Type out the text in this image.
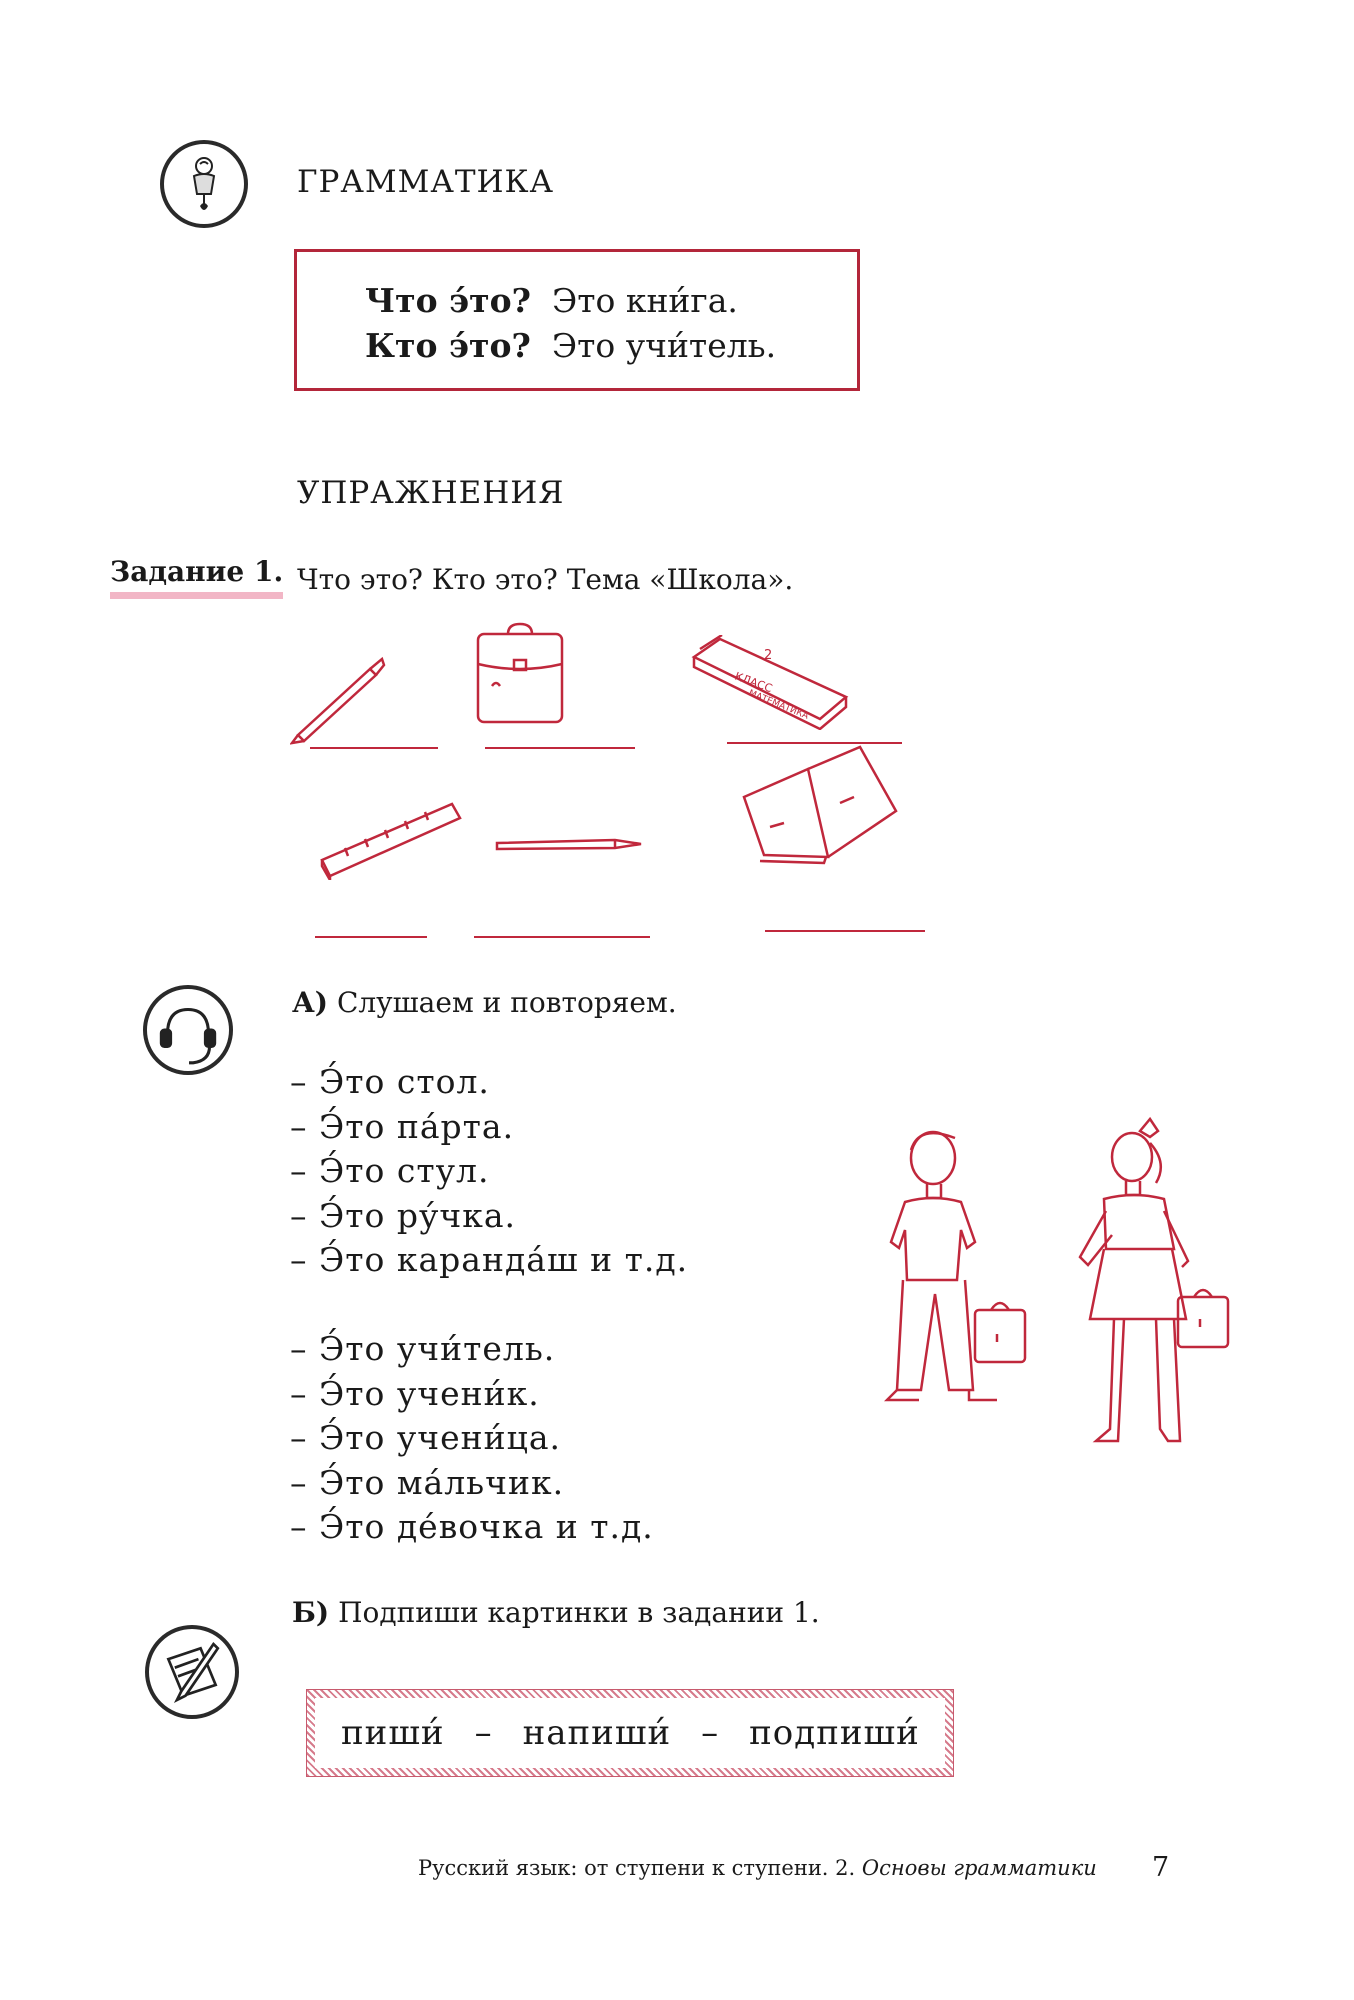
ГРАММАТИКА
Что э́то? Это кни́га.
Кто э́то? Это учи́тель.
УПРАЖНЕНИЯ
Задание 1. Что это? Кто это? Тема «Школа».
2
КЛАСС
МАТЕМАТИКА
А) Слушаем и повторяем.
– Э́то стол.
– Э́то па́рта.
– Э́то стул.
– Э́то ру́чка.
– Э́то каранда́ш и т.д.
– Э́то учи́тель.
– Э́то учени́к.
– Э́то учени́ца.
– Э́то ма́льчик.
– Э́то де́вочка и т.д.
Б) Подпиши картинки в задании 1.
пиши́ – напиши́ – подпиши́
Русский язык: от ступени к ступени. 2. Основы грамматики 7
